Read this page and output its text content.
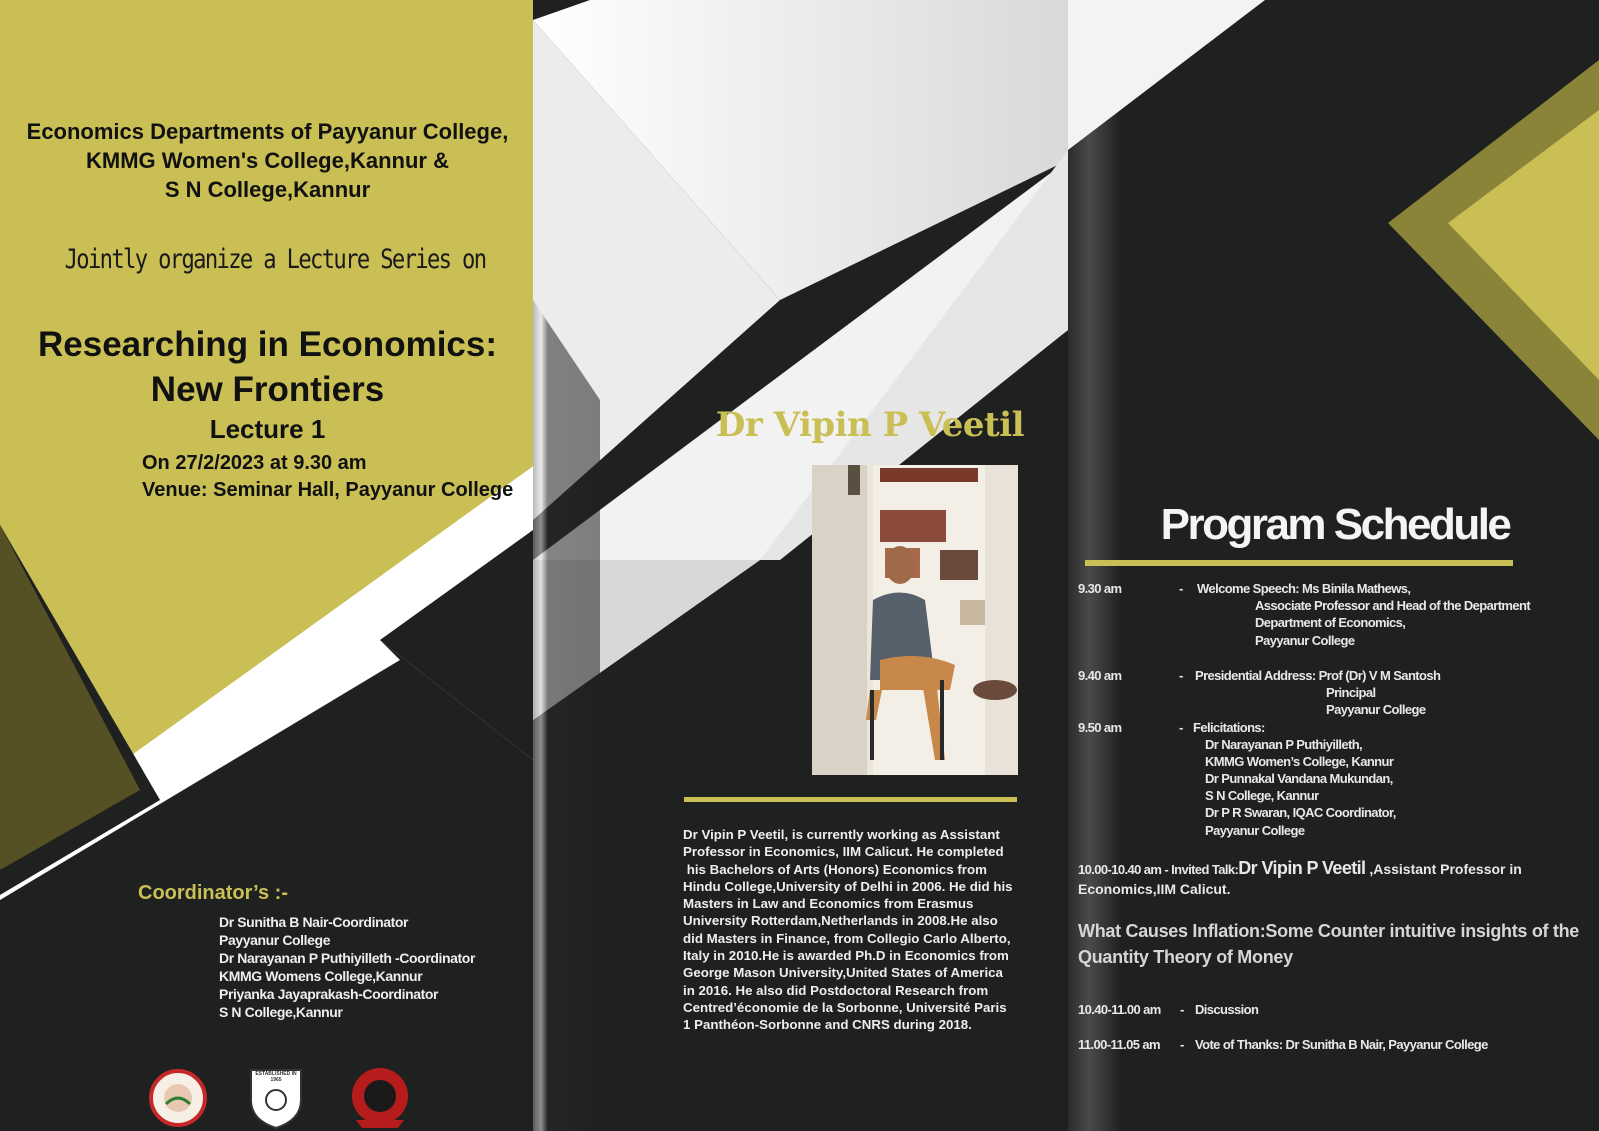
Economics Departments of Payyanur College,
KMMG Women's College,Kannur &
S N College,Kannur
Jointly organize a Lecture Series on
Researching in Economics:
New Frontiers
Lecture 1
On 27/2/2023 at 9.30 am
Venue: Seminar Hall, Payyanur College
Coordinator’s :-
Dr Sunitha B Nair-Coordinator
Payyanur College
Dr Narayanan P Puthiyilleth -Coordinator
KMMG Womens College,Kannur
Priyanka Jayaprakash-Coordinator
S N College,Kannur
ESTABLISHED IN 1965
Dr Vipin P Veetil
Dr Vipin P Veetil, is currently working as Assistant
Professor in Economics, IIM Calicut. He completed
his Bachelors of Arts (Honors) Economics from
Hindu College,University of Delhi in 2006. He did his
Masters in Law and Economics from Erasmus
University Rotterdam,Netherlands in 2008.He also
did Masters in Finance, from Collegio Carlo Alberto,
Italy in 2010.He is awarded Ph.D in Economics from
George Mason University,United States of America
in 2016. He also did Postdoctoral Research from
Centred’économie de la Sorbonne, Université Paris
1 Panthéon-Sorbonne and CNRS during 2018.
Program Schedule
9.30 am	- Welcome Speech: Ms Binila Mathews,
Associate Professor and Head of the Department
Department of Economics,
Payyanur College
9.40 am	- Presidential Address: Prof (Dr) V M Santosh
Principal
Payyanur College
9.50 am	- Felicitations:
Dr Narayanan P Puthiyilleth,
KMMG Women’s College, Kannur
Dr Punnakal Vandana Mukundan,
S N College, Kannur
Dr P R Swaran, IQAC Coordinator,
Payyanur College
10.00-10.40 am - Invited Talk:Dr Vipin P Veetil ,Assistant Professor in
Economics,IIM Calicut.
What Causes Inflation:Some Counter intuitive insights of the Quantity Theory of Money
10.40-11.00 am - Discussion
11.00-11.05 am - Vote of Thanks: Dr Sunitha B Nair, Payyanur College
